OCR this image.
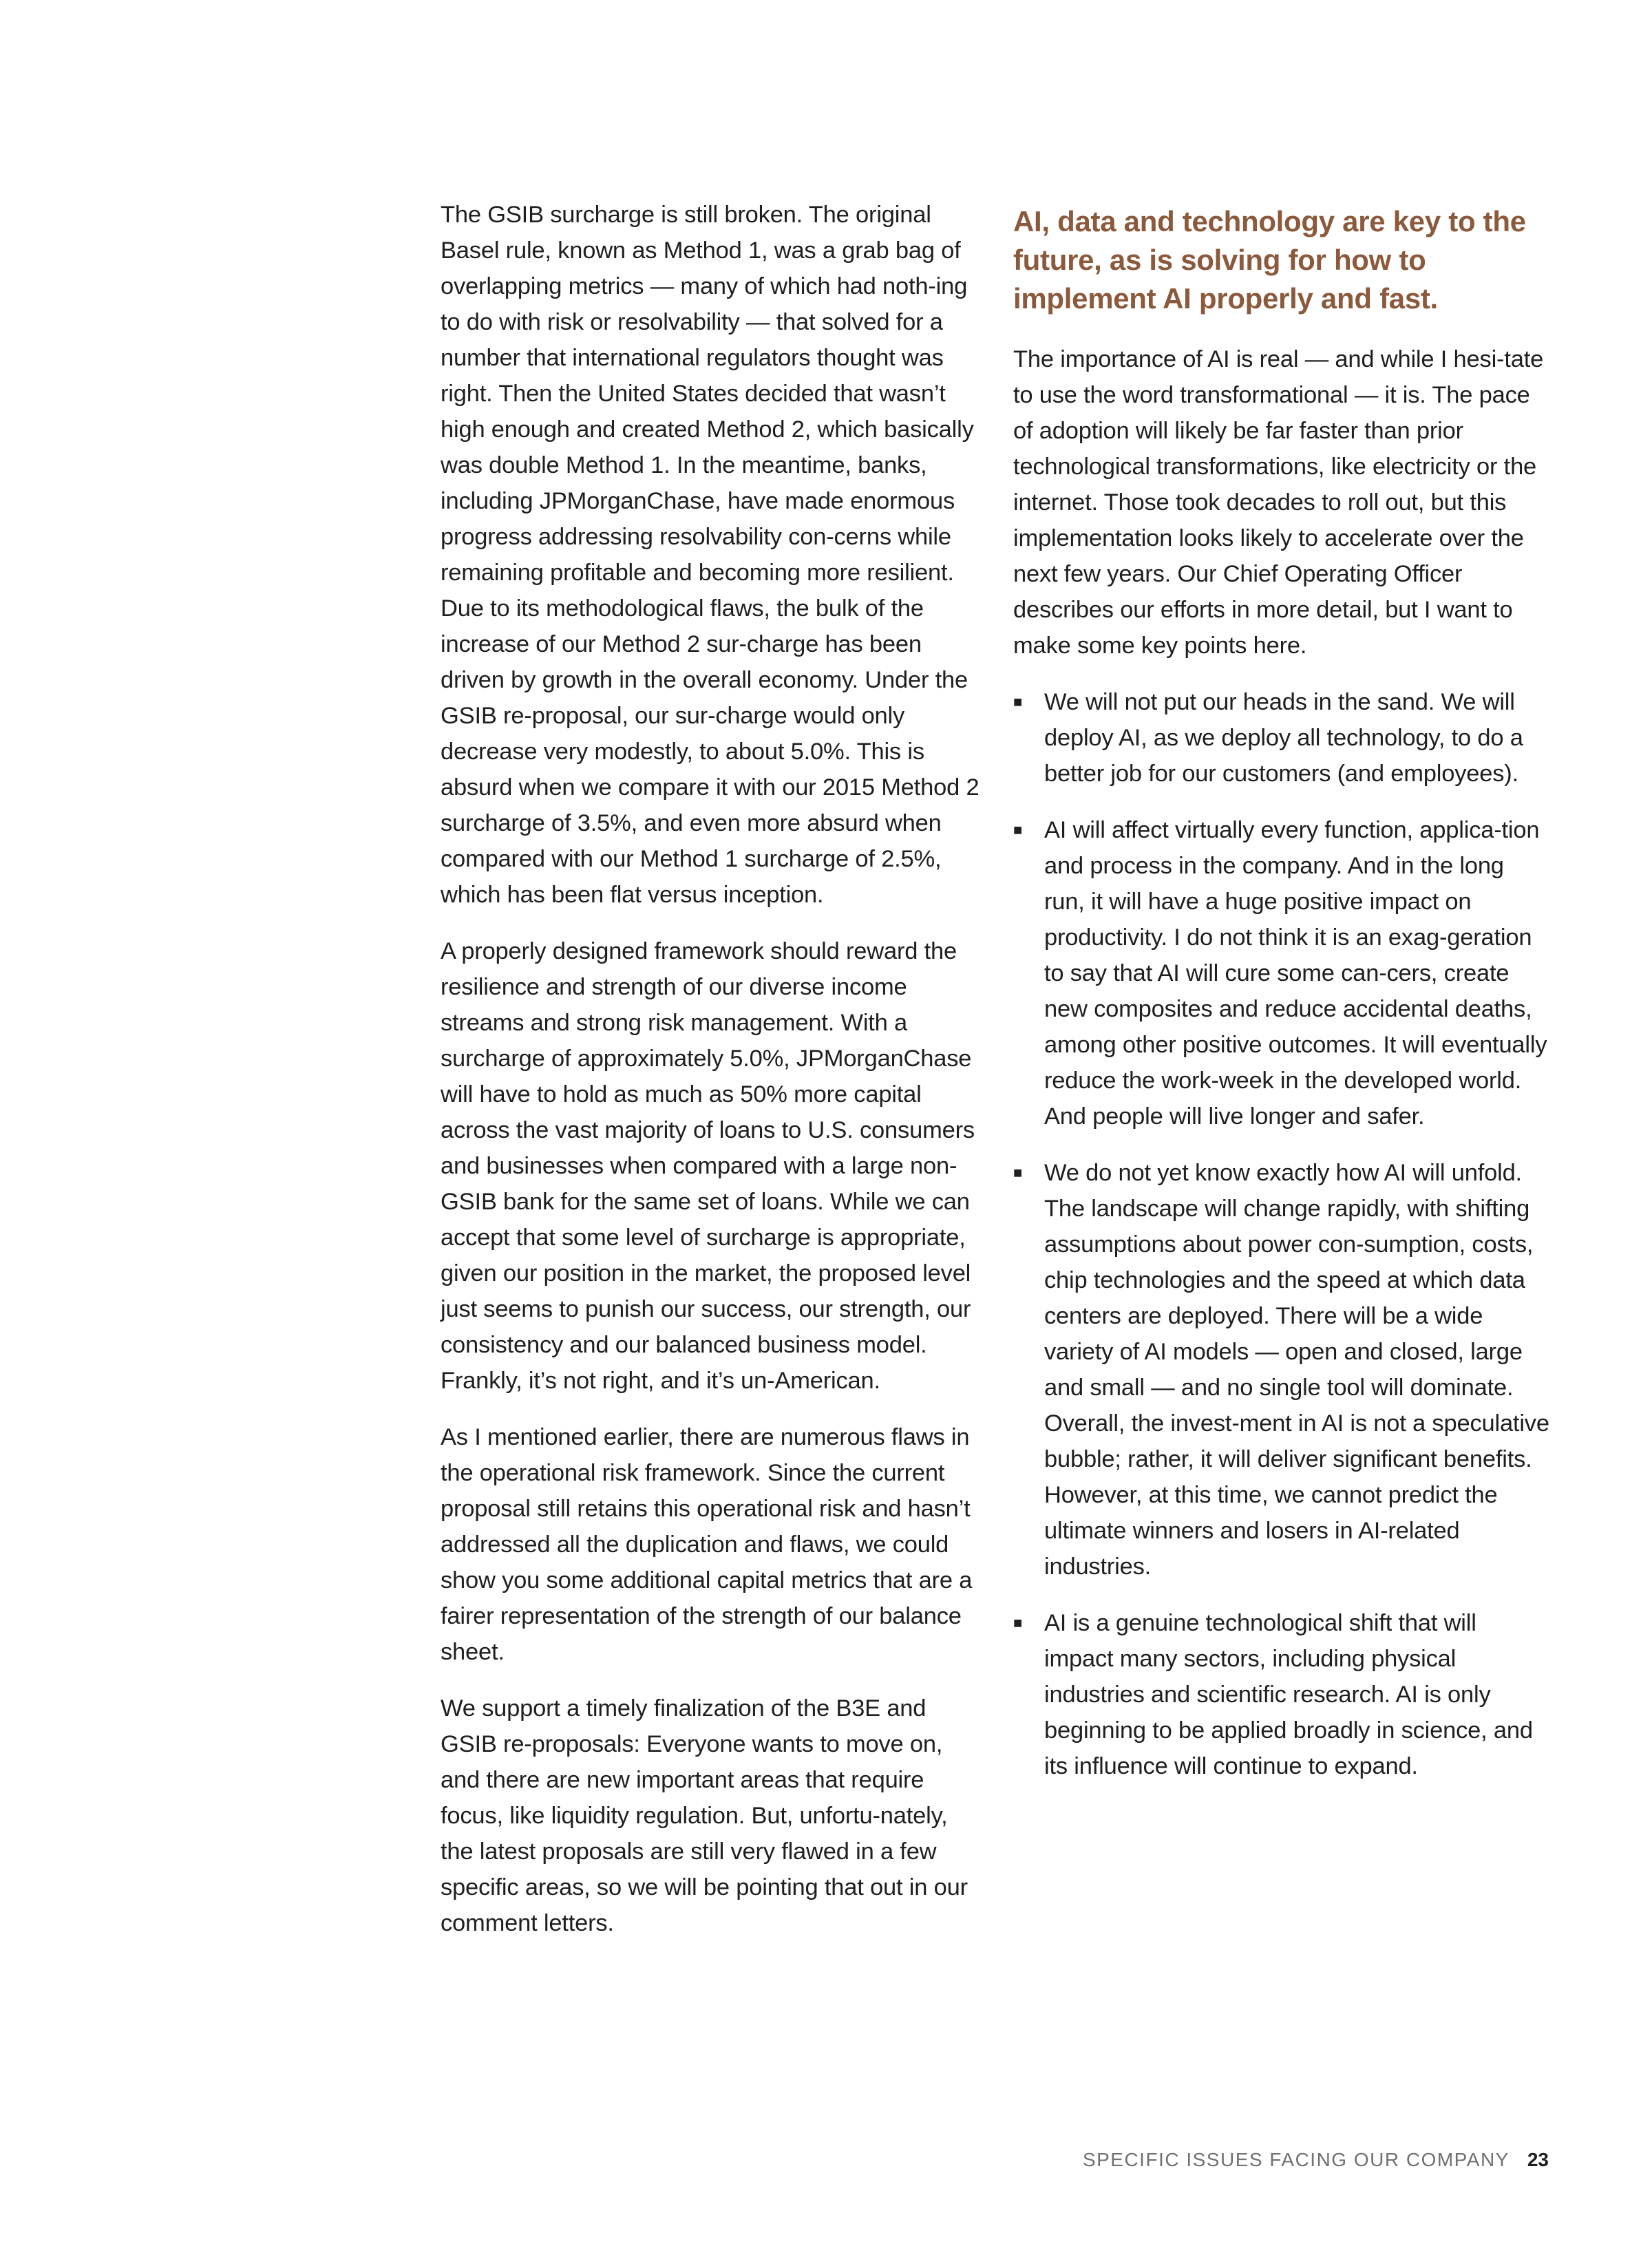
The GSIB surcharge is still broken. The original Basel rule, known as Method 1, was a grab bag of overlapping metrics — many of which had noth-ing to do with risk or resolvability — that solved for a number that international regulators thought was right. Then the United States decided that wasn’t high enough and created Method 2, which basically was double Method 1. In the meantime, banks, including JPMorganChase, have made enormous progress addressing resolvability con-cerns while remaining profitable and becoming more resilient. Due to its methodological flaws, the bulk of the increase of our Method 2 sur-charge has been driven by growth in the overall economy. Under the GSIB re-proposal, our sur-charge would only decrease very modestly, to about 5.0%. This is absurd when we compare it with our 2015 Method 2 surcharge of 3.5%, and even more absurd when compared with our Method 1 surcharge of 2.5%, which has been flat versus inception.

A properly designed framework should reward the resilience and strength of our diverse income streams and strong risk management. With a surcharge of approximately 5.0%, JPMorganChase will have to hold as much as 50% more capital across the vast majority of loans to U.S. consumers and businesses when compared with a large non-GSIB bank for the same set of loans. While we can accept that some level of surcharge is appropriate, given our position in the market, the proposed level just seems to punish our success, our strength, our consistency and our balanced business model. Frankly, it’s not right, and it’s un-American.

As I mentioned earlier, there are numerous flaws in the operational risk framework. Since the current proposal still retains this operational risk and hasn’t addressed all the duplication and flaws, we could show you some additional capital metrics that are a fairer representation of the strength of our balance sheet.

We support a timely finalization of the B3E and GSIB re-proposals: Everyone wants to move on, and there are new important areas that require focus, like liquidity regulation. But, unfortu-nately, the latest proposals are still very flawed in a few specific areas, so we will be pointing that out in our comment letters.

AI, data and technology are key to the future, as is solving for how to implement AI properly and fast.

The importance of AI is real — and while I hesi-tate to use the word transformational — it is. The pace of adoption will likely be far faster than prior technological transformations, like electricity or the internet. Those took decades to roll out, but this implementation looks likely to accelerate over the next few years. Our Chief Operating Officer describes our efforts in more detail, but I want to make some key points here.

■ We will not put our heads in the sand. We will deploy AI, as we deploy all technology, to do a better job for our customers (and employees).
■ AI will affect virtually every function, applica-tion and process in the company. And in the long run, it will have a huge positive impact on productivity. I do not think it is an exag-geration to say that AI will cure some can-cers, create new composites and reduce accidental deaths, among other positive outcomes. It will eventually reduce the work-week in the developed world. And people will live longer and safer.
■ We do not yet know exactly how AI will unfold. The landscape will change rapidly, with shifting assumptions about power con-sumption, costs, chip technologies and the speed at which data centers are deployed. There will be a wide variety of AI models — open and closed, large and small — and no single tool will dominate. Overall, the invest-ment in AI is not a speculative bubble; rather, it will deliver significant benefits. However, at this time, we cannot predict the ultimate winners and losers in AI-related industries.
■ AI is a genuine technological shift that will impact many sectors, including physical industries and scientific research. AI is only beginning to be applied broadly in science, and its influence will continue to expand.
SPECIFIC ISSUES FACING OUR COMPANY 23
